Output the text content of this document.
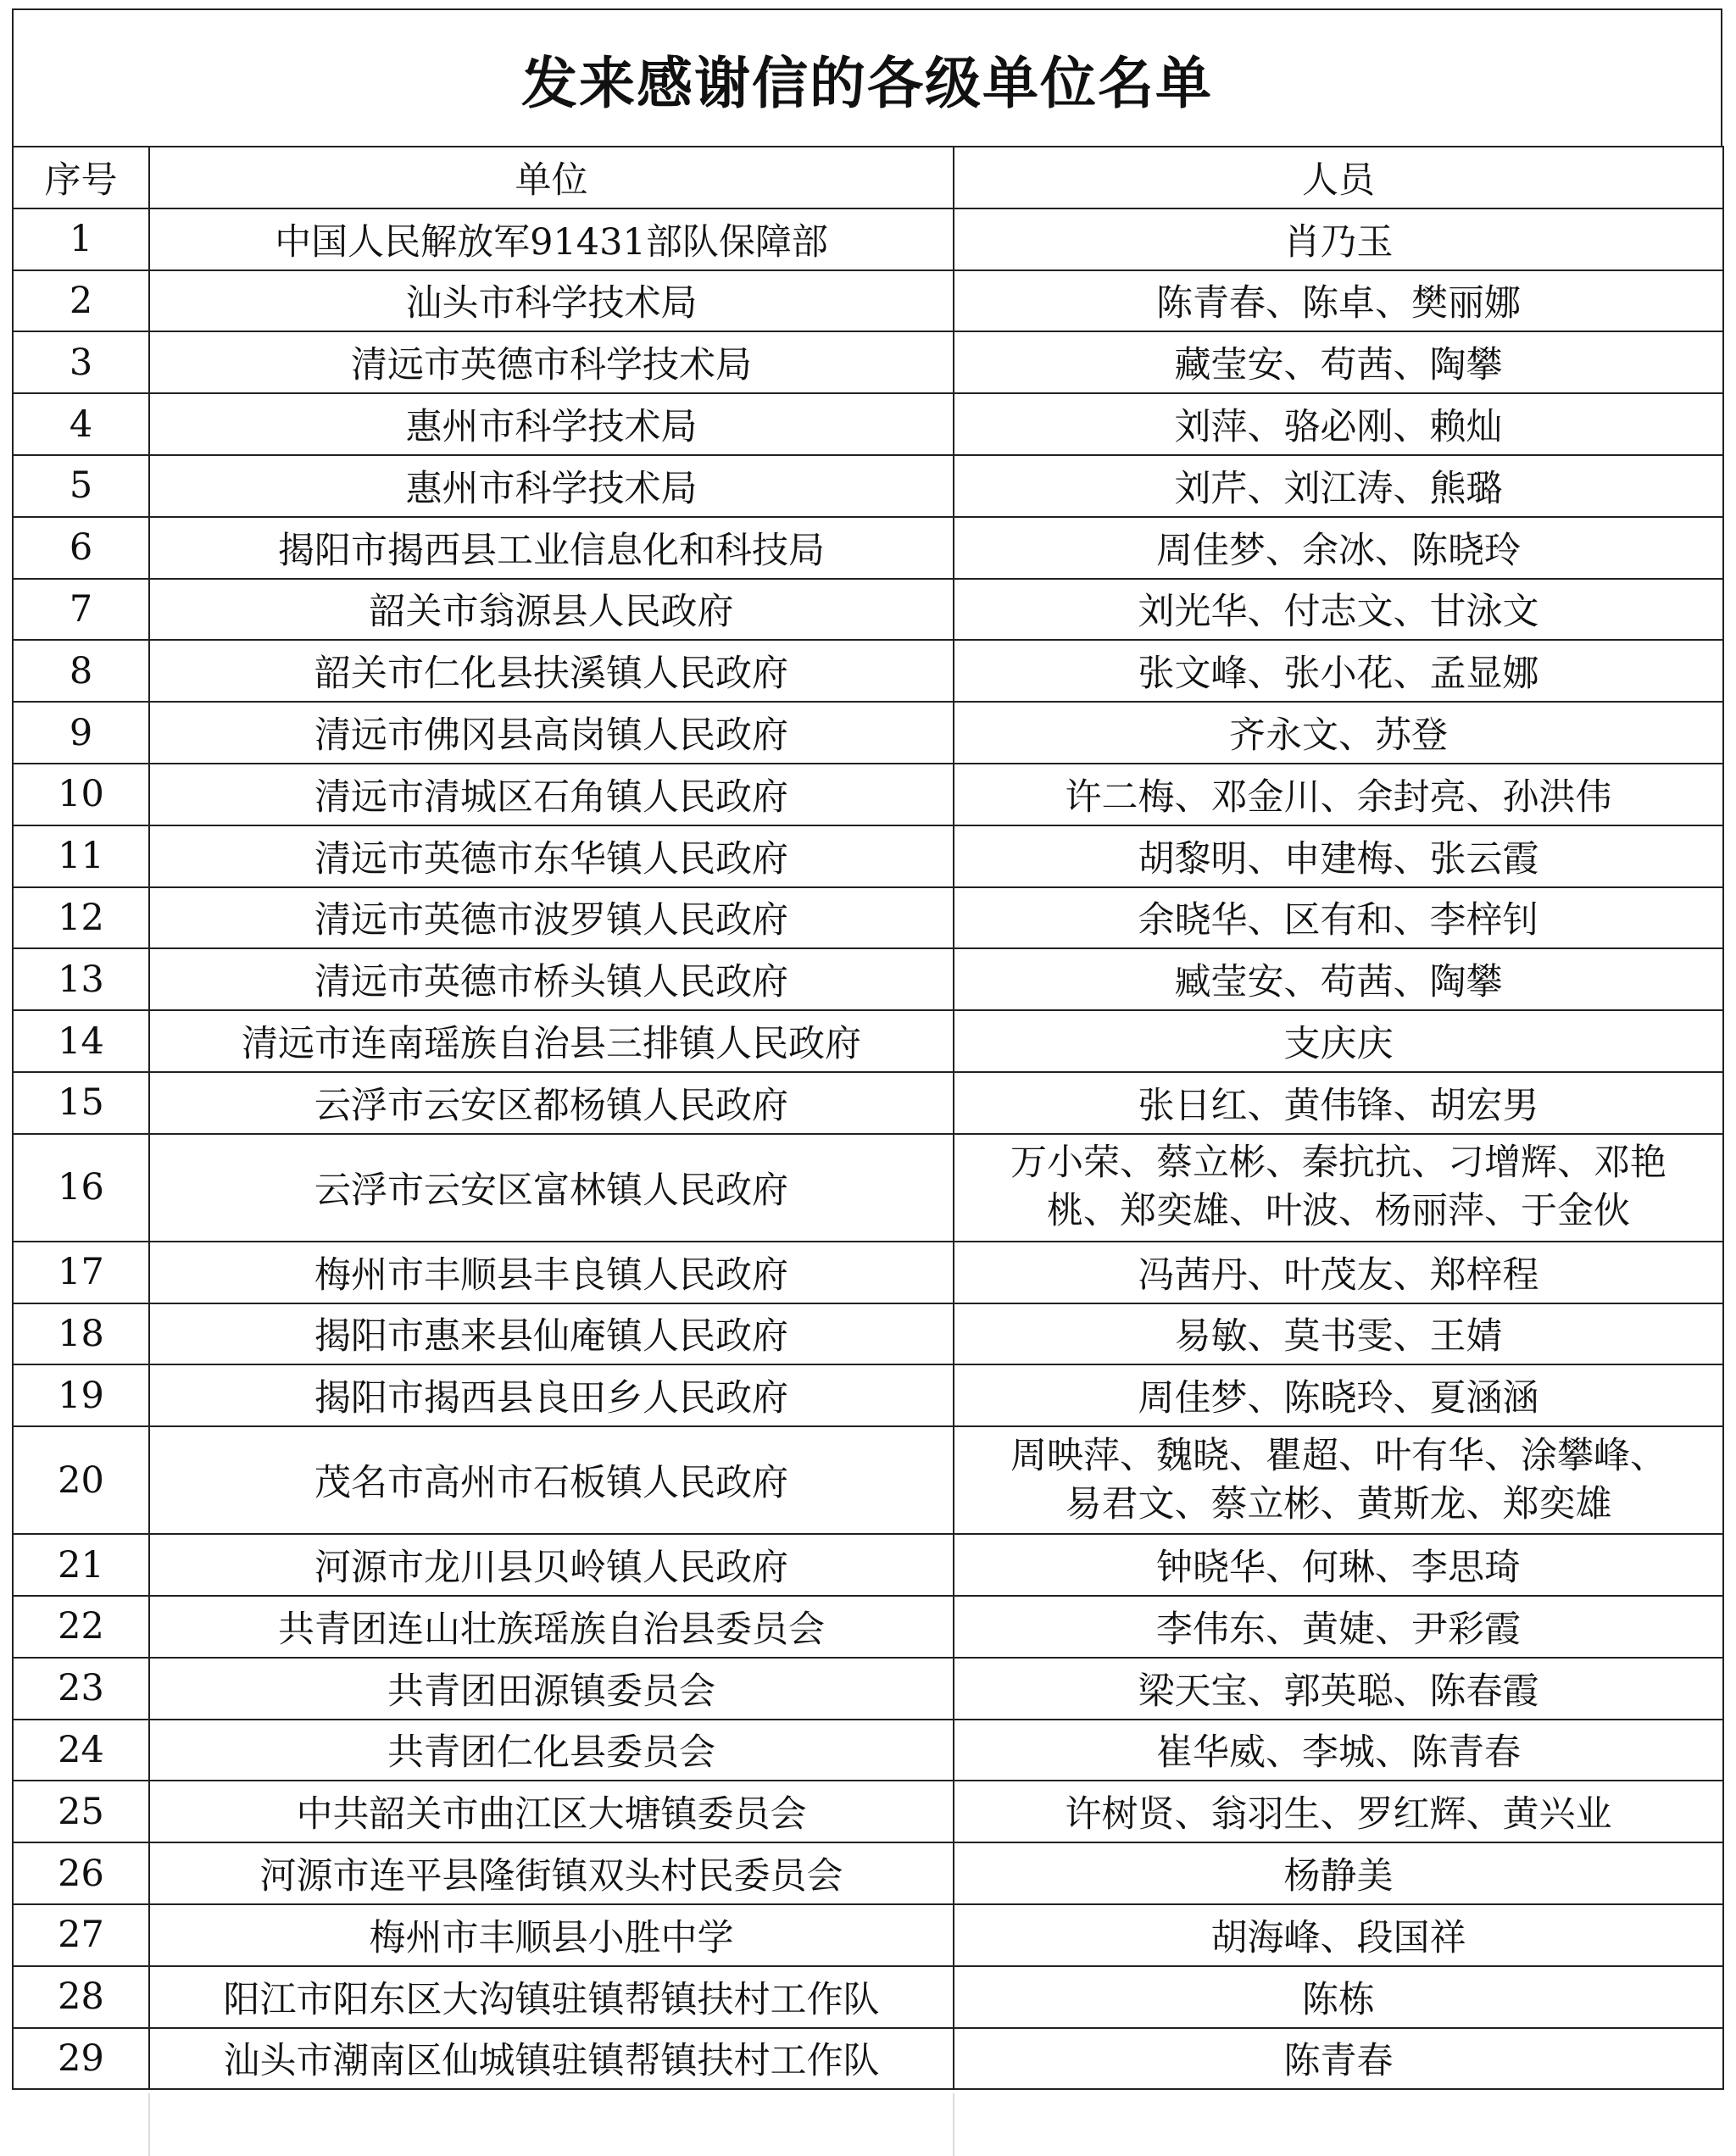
发来感谢信的各级单位名单
序号	单位	人员
1	中国人民解放军91431部队保障部	肖乃玉

2	汕头市科学技术局	陈青春、陈卓、樊丽娜

3	清远市英德市科学技术局	藏莹安、苟茜、陶攀

4	惠州市科学技术局	刘萍、骆必刚、赖灿

5	惠州市科学技术局	刘芹、刘江涛、熊璐

6	揭阳市揭西县工业信息化和科技局	周佳梦、余冰、陈晓玲

7	韶关市翁源县人民政府	刘光华、付志文、甘泳文

8	韶关市仁化县扶溪镇人民政府	张文峰、张小花、孟显娜

9	清远市佛冈县高岗镇人民政府	齐永文、苏登

10	清远市清城区石角镇人民政府	许二梅、邓金川、余封亮、孙洪伟

11	清远市英德市东华镇人民政府	胡黎明、申建梅、张云霞

12	清远市英德市波罗镇人民政府	余晓华、区有和、李梓钊

13	清远市英德市桥头镇人民政府	臧莹安、苟茜、陶攀

14	清远市连南瑶族自治县三排镇人民政府	支庆庆

15	云浮市云安区都杨镇人民政府	张日红、黄伟锋、胡宏男

16	云浮市云安区富林镇人民政府	万小荣、蔡立彬、秦抗抗、刁增辉、邓艳
桃、郑奕雄、叶波、杨丽萍、于金伙

17	梅州市丰顺县丰良镇人民政府	冯茜丹、叶茂友、郑梓程

18	揭阳市惠来县仙庵镇人民政府	易敏、莫书雯、王婧

19	揭阳市揭西县良田乡人民政府	周佳梦、陈晓玲、夏涵涵

20	茂名市高州市石板镇人民政府	周映萍、魏晓、瞿超、叶有华、涂攀峰、
易君文、蔡立彬、黄斯龙、郑奕雄

21	河源市龙川县贝岭镇人民政府	钟晓华、何琳、李思琦

22	共青团连山壮族瑶族自治县委员会	李伟东、黄婕、尹彩霞

23	共青团田源镇委员会	梁天宝、郭英聪、陈春霞

24	共青团仁化县委员会	崔华威、李城、陈青春

25	中共韶关市曲江区大塘镇委员会	许树贤、翁羽生、罗红辉、黄兴业

26	河源市连平县隆街镇双头村民委员会	杨静美

27	梅州市丰顺县小胜中学	胡海峰、段国祥

28	阳江市阳东区大沟镇驻镇帮镇扶村工作队	陈栋

29	汕头市潮南区仙城镇驻镇帮镇扶村工作队	陈青春
